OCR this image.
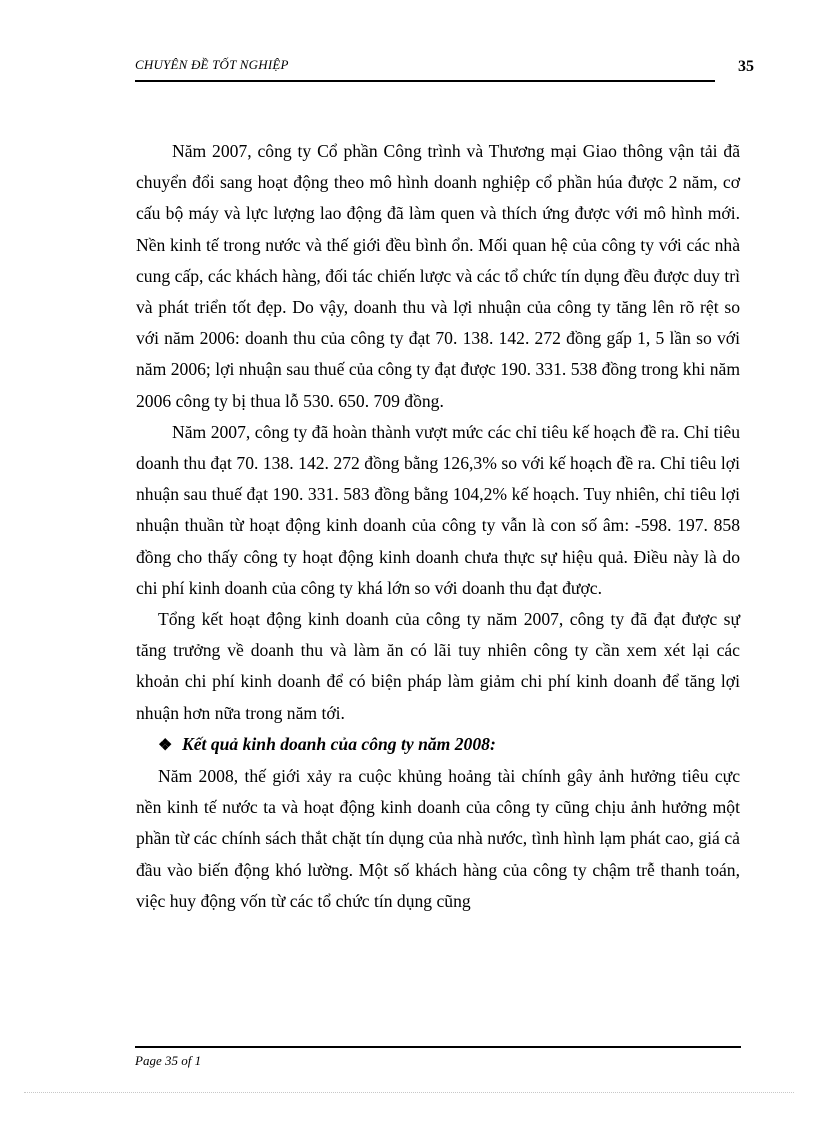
CHUYÊN ĐỀ TỐT NGHIỆP	35

Năm 2007, công ty Cổ phần Công trình và Thương mại Giao thông vận tải đã chuyển đổi sang hoạt động theo mô hình doanh nghiệp cổ phần húa được 2 năm, cơ cấu bộ máy và lực lượng lao động đã làm quen và thích ứng được với mô hình mới. Nền kinh tế trong nước và thế giới đều bình ổn. Mối quan hệ của công ty với các nhà cung cấp, các khách hàng, đối tác chiến lược và các tổ chức tín dụng đều được duy trì và phát triển tốt đẹp. Do vậy, doanh thu và lợi nhuận của công ty tăng lên rõ rệt so với năm 2006: doanh thu của công ty đạt 70. 138. 142. 272 đồng gấp 1, 5 lần so với năm 2006; lợi nhuận sau thuế của công ty đạt được 190. 331. 538 đồng trong khi năm 2006 công ty bị thua lỗ 530. 650. 709 đồng.

Năm 2007, công ty đã hoàn thành vượt mức các chỉ tiêu kế hoạch đề ra. Chỉ tiêu doanh thu đạt 70. 138. 142. 272 đồng bằng 126,3% so với kế hoạch đề ra. Chỉ tiêu lợi nhuận sau thuế đạt 190. 331. 583 đồng bằng 104,2% kế hoạch. Tuy nhiên, chỉ tiêu lợi nhuận thuần từ hoạt động kinh doanh của công ty vẫn là con số âm: -598. 197. 858 đồng cho thấy công ty hoạt động kinh doanh chưa thực sự hiệu quả. Điều này là do chi phí kinh doanh của công ty khá lớn so với doanh thu đạt được.

Tổng kết hoạt động kinh doanh của công ty năm 2007, công ty đã đạt được sự tăng trưởng về doanh thu và làm ăn có lãi tuy nhiên công ty cần xem xét lại các khoản chi phí kinh doanh để có biện pháp làm giảm chi phí kinh doanh để tăng lợi nhuận hơn nữa trong năm tới.

❖ Kết quả kinh doanh của công ty năm 2008:

Năm 2008, thế giới xảy ra cuộc khủng hoảng tài chính gây ảnh hưởng tiêu cực nền kinh tế nước ta và hoạt động kinh doanh của công ty cũng chịu ảnh hưởng một phần từ các chính sách thắt chặt tín dụng của nhà nước, tình hình lạm phát cao, giá cả đầu vào biến động khó lường. Một số khách hàng của công ty chậm trễ thanh toán, việc huy động vốn từ các tổ chức tín dụng cũng

Page 35 of 1
